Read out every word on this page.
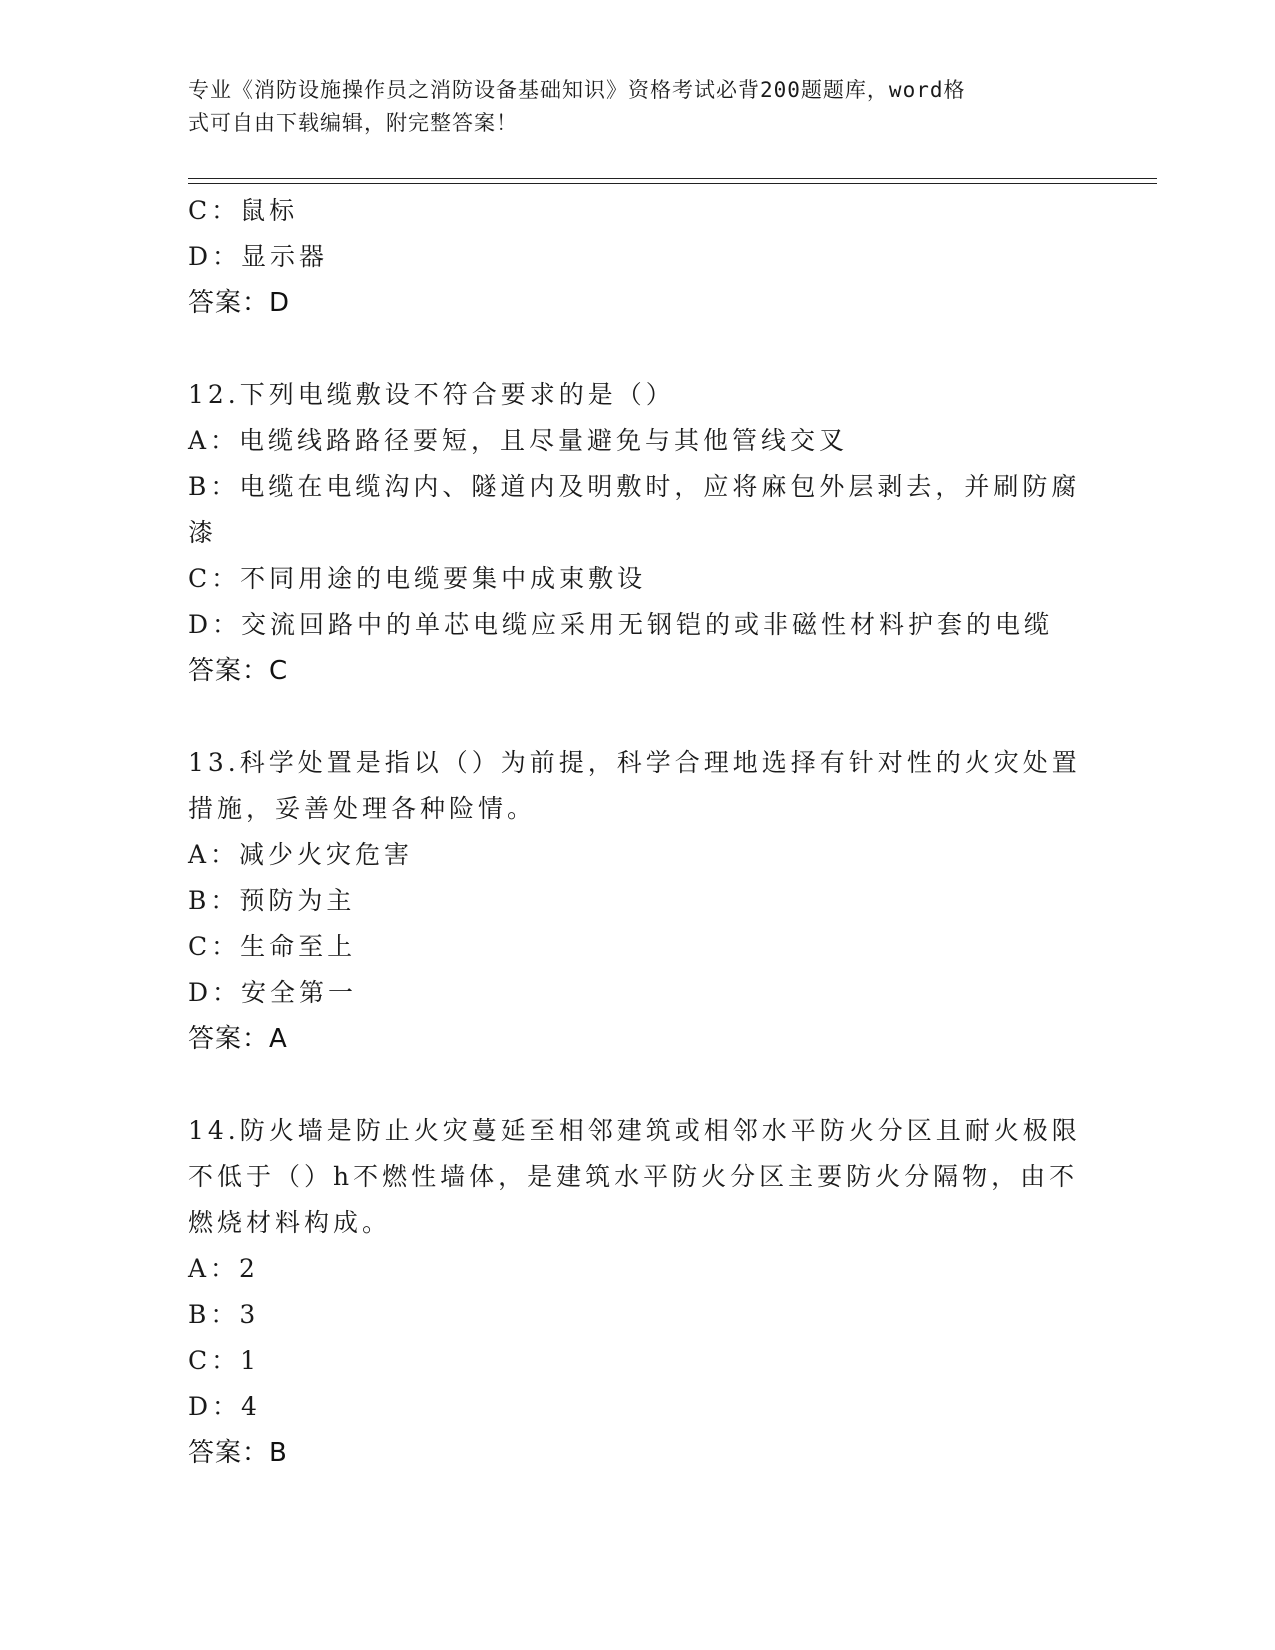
专业《消防设施操作员之消防设备基础知识》资格考试必背200题题库，word格
式可自由下载编辑，附完整答案！
C：鼠标
D：显示器
答案：D
12.下列电缆敷设不符合要求的是（）
A：电缆线路路径要短，且尽量避免与其他管线交叉
B：电缆在电缆沟内、隧道内及明敷时，应将麻包外层剥去，并刷防腐
漆
C：不同用途的电缆要集中成束敷设
D：交流回路中的单芯电缆应采用无钢铠的或非磁性材料护套的电缆
答案：C
13.科学处置是指以（）为前提，科学合理地选择有针对性的火灾处置
措施，妥善处理各种险情。
A：减少火灾危害
B：预防为主
C：生命至上
D：安全第一
答案：A
14.防火墙是防止火灾蔓延至相邻建筑或相邻水平防火分区且耐火极限
不低于（）h不燃性墙体，是建筑水平防火分区主要防火分隔物，由不
燃烧材料构成。
A：2
B：3
C：1
D：4
答案：B
